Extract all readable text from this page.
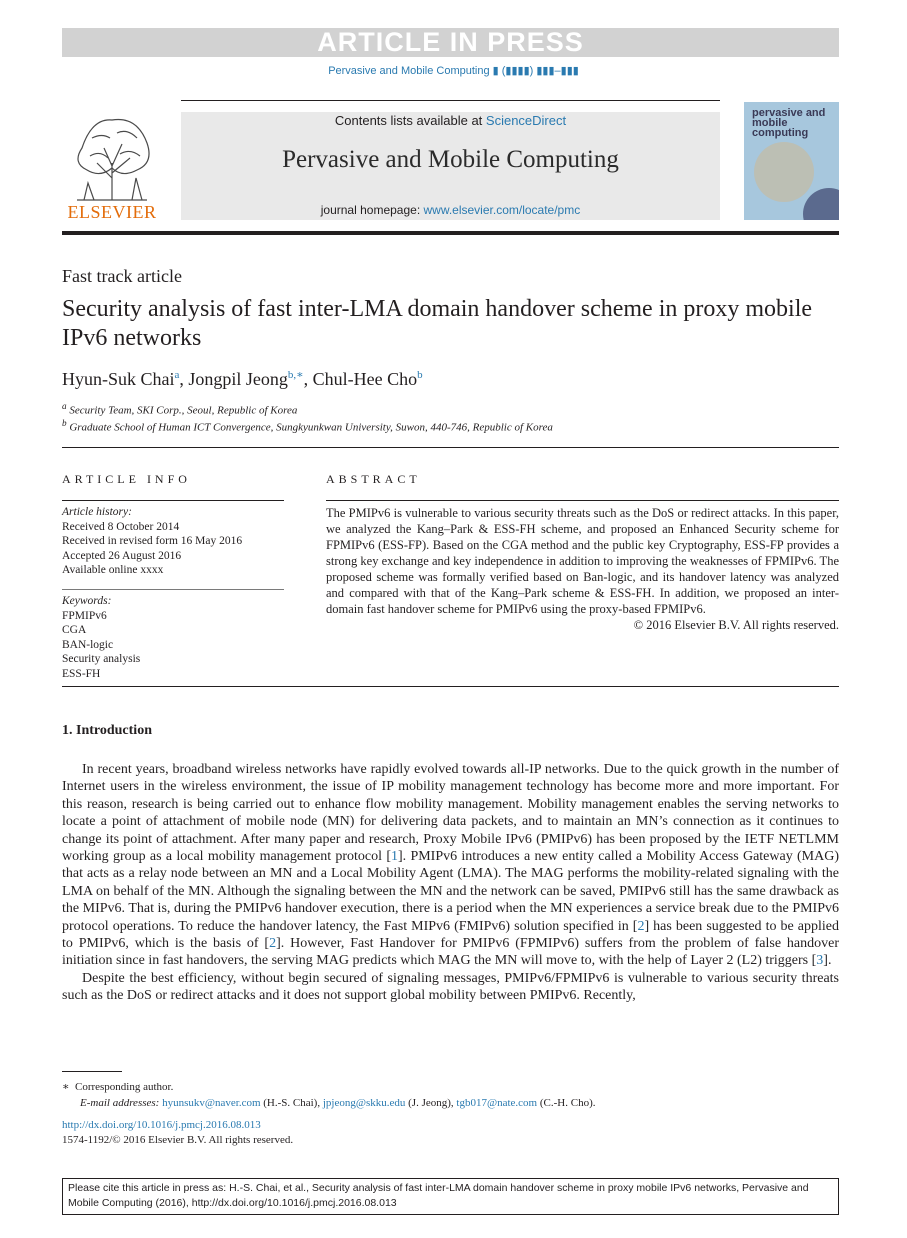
ARTICLE IN PRESS
Pervasive and Mobile Computing ▮ (▮▮▮▮) ▮▮▮–▮▮▮
ELSEVIER
Contents lists available at ScienceDirect
Pervasive and Mobile Computing
journal homepage: www.elsevier.com/locate/pmc
pervasive and mobile computing
Fast track article
Security analysis of fast inter-LMA domain handover scheme in proxy mobile IPv6 networks
Hyun-Suk Chai$^a$, Jongpil Jeong$^{b,∗}$, Chul-Hee Cho$^b$
$^a$ Security Team, SKI Corp., Seoul, Republic of Korea
$^b$ Graduate School of Human ICT Convergence, Sungkyunkwan University, Suwon, 440-746, Republic of Korea
ARTICLE INFO
Article history:
Received 8 October 2014
Received in revised form 16 May 2016
Accepted 26 August 2016
Available online xxxx
Keywords:
FPMIPv6
CGA
BAN-logic
Security analysis
ESS-FH
ABSTRACT
The PMIPv6 is vulnerable to various security threats such as the DoS or redirect attacks. In this paper, we analyzed the Kang–Park & ESS-FH scheme, and proposed an Enhanced Security scheme for FPMIPv6 (ESS-FP). Based on the CGA method and the public key Cryptography, ESS-FP provides a strong key exchange and key independence in addition to improving the weaknesses of FPMIPv6. The proposed scheme was formally verified based on Ban-logic, and its handover latency was analyzed and compared with that of the Kang–Park scheme & ESS-FH. In addition, we proposed an inter-domain fast handover scheme for PMIPv6 using the proxy-based FPMIPv6.
© 2016 Elsevier B.V. All rights reserved.
1. Introduction

In recent years, broadband wireless networks have rapidly evolved towards all-IP networks. Due to the quick growth in the number of Internet users in the wireless environment, the issue of IP mobility management technology has become more and more important. For this reason, research is being carried out to enhance flow mobility management. Mobility management enables the serving networks to locate a point of attachment of mobile node (MN) for delivering data packets, and to maintain an MN’s connection as it continues to change its point of attachment. After many paper and research, Proxy Mobile IPv6 (PMIPv6) has been proposed by the IETF NETLMM working group as a local mobility management protocol [1]. PMIPv6 introduces a new entity called a Mobility Access Gateway (MAG) that acts as a relay node between an MN and a Local Mobility Agent (LMA). The MAG performs the mobility-related signaling with the LMA on behalf of the MN. Although the signaling between the MN and the network can be saved, PMIPv6 still has the same drawback as the MIPv6. That is, during the PMIPv6 handover execution, there is a period when the MN experiences a service break due to the PMIPv6 protocol operations. To reduce the handover latency, the Fast MIPv6 (FMIPv6) solution specified in [2] has been suggested to be applied to PMIPv6, which is the basis of [2]. However, Fast Handover for PMIPv6 (FPMIPv6) suffers from the problem of false handover initiation since in fast handovers, the serving MAG predicts which MAG the MN will move to, with the help of Layer 2 (L2) triggers [3].

Despite the best efficiency, without begin secured of signaling messages, PMIPv6/FPMIPv6 is vulnerable to various security threats such as the DoS or redirect attacks and it does not support global mobility between PMIPv6. Recently,

∗ Corresponding author.
E-mail addresses: hyunsukv@naver.com (H.-S. Chai), jpjeong@skku.edu (J. Jeong), tgb017@nate.com (C.-H. Cho).
http://dx.doi.org/10.1016/j.pmcj.2016.08.013
1574-1192/© 2016 Elsevier B.V. All rights reserved.
Please cite this article in press as: H.-S. Chai, et al., Security analysis of fast inter-LMA domain handover scheme in proxy mobile IPv6 networks, Pervasive and Mobile Computing (2016), http://dx.doi.org/10.1016/j.pmcj.2016.08.013
